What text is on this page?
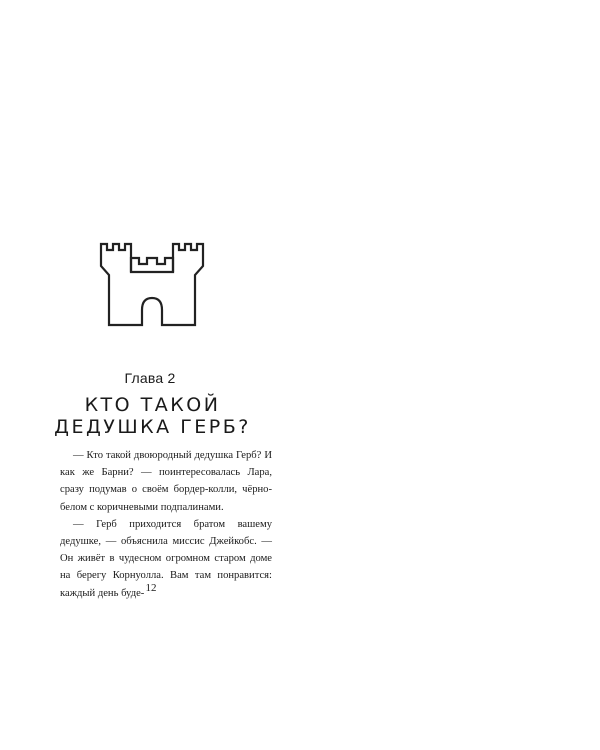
Глава 2
КТО ТАКОЙ
ДЕДУШКА ГЕРБ?

— Кто такой двоюродный дедушка Герб? И как же Барни? — поинтересовалась Лара, сразу подумав о своём бордер-колли, чёрно-белом с коричневыми подпалинами.

— Герб приходится братом вашему дедушке, — объяснила миссис Джейкобс. — Он живёт в чудесном огромном старом доме на берегу Корнуолла. Вам там понравится: каждый день буде- 12
